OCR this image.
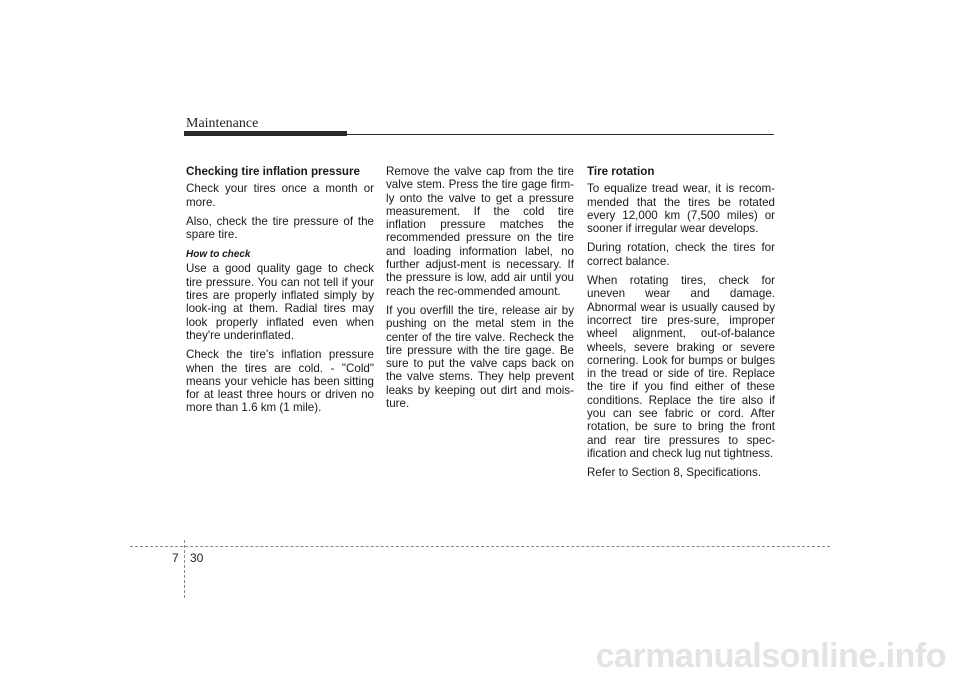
Maintenance
Checking tire inflation pressure

Check your tires once a month or more.

Also, check the tire pressure of the spare tire.

How to check

Use a good quality gage to check tire pressure. You can not tell if your tires are properly inflated simply by look-ing at them. Radial tires may look properly inflated even when they're underinflated.

Check the tire's inflation pressure when the tires are cold. - "Cold" means your vehicle has been sitting for at least three hours or driven no more than 1.6 km (1 mile).

Remove the valve cap from the tire valve stem. Press the tire gage firm-ly onto the valve to get a pressure measurement. If the cold tire inflation pressure matches the recommended pressure on the tire and loading information label, no further adjust-ment is necessary. If the pressure is low, add air until you reach the rec-ommended amount.

If you overfill the tire, release air by pushing on the metal stem in the center of the tire valve. Recheck the tire pressure with the tire gage. Be sure to put the valve caps back on the valve stems. They help prevent leaks by keeping out dirt and mois-ture.

Tire rotation

To equalize tread wear, it is recom-mended that the tires be rotated every 12,000 km (7,500 miles) or sooner if irregular wear develops.

During rotation, check the tires for correct balance.

When rotating tires, check for uneven wear and damage. Abnormal wear is usually caused by incorrect tire pres-sure, improper wheel alignment, out-of-balance wheels, severe braking or severe cornering. Look for bumps or bulges in the tread or side of tire. Replace the tire if you find either of these conditions. Replace the tire also if you can see fabric or cord. After rotation, be sure to bring the front and rear tire pressures to spec-ification and check lug nut tightness.

Refer to Section 8, Specifications.

7 30
carmanualsonline.info
